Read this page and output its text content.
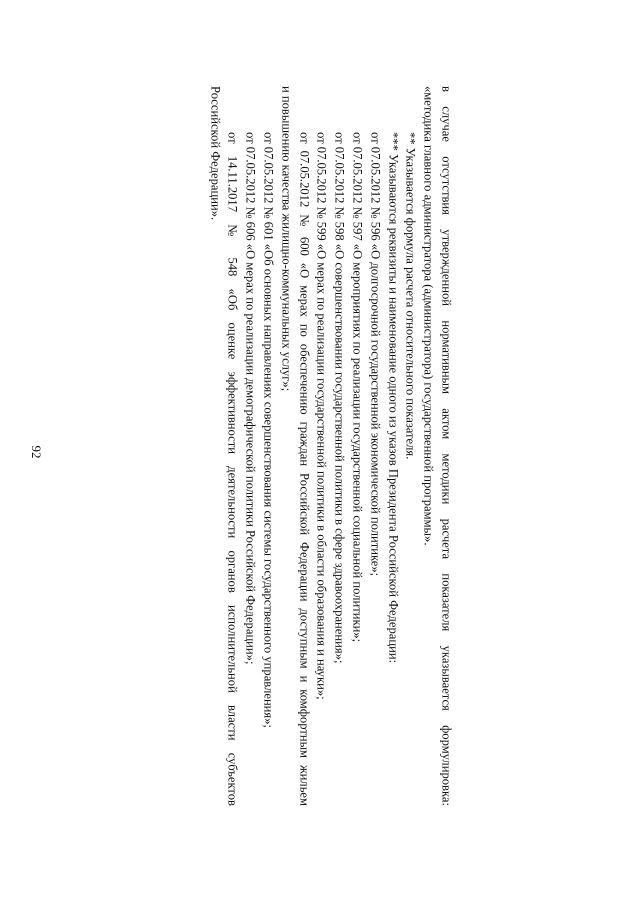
92	в случае отсутствия утвержденной нормативным актом методики расчета показателя указывается формулировка:

«методика главного администратора (администратора) государственной программы».

** Указывается формула расчета относительного показателя.

*** Указываются реквизиты и наименование одного из указов Президента Российской Федерации:

от 07.05.2012 № 596 «О долгосрочной государственной экономической политике»;

от 07.05.2012 № 597 «О мероприятиях по реализации государственной социальной политики»;

от 07.05.2012 № 598 «О совершенствовании государственной политики в сфере здравоохранения»;

от 07.05.2012 № 599 «О мерах по реализации государственной политики в области образования и науки»;

от 07.05.2012 № 600 «О мерах по обеспечению граждан Российской Федерации доступным и комфортным жильем

и повышению качества жилищно-коммунальных услуг»;

от 07.05.2012 № 601 «Об основных направлениях совершенствования системы государственного управления»;

от 07.05.2012 № 606 «О мерах по реализации демографической политики Российской Федерации»;

от 14.11.2017 № 548 «Об оценке эффективности деятельности органов исполнительной власти субъектов

Российской Федерации».
